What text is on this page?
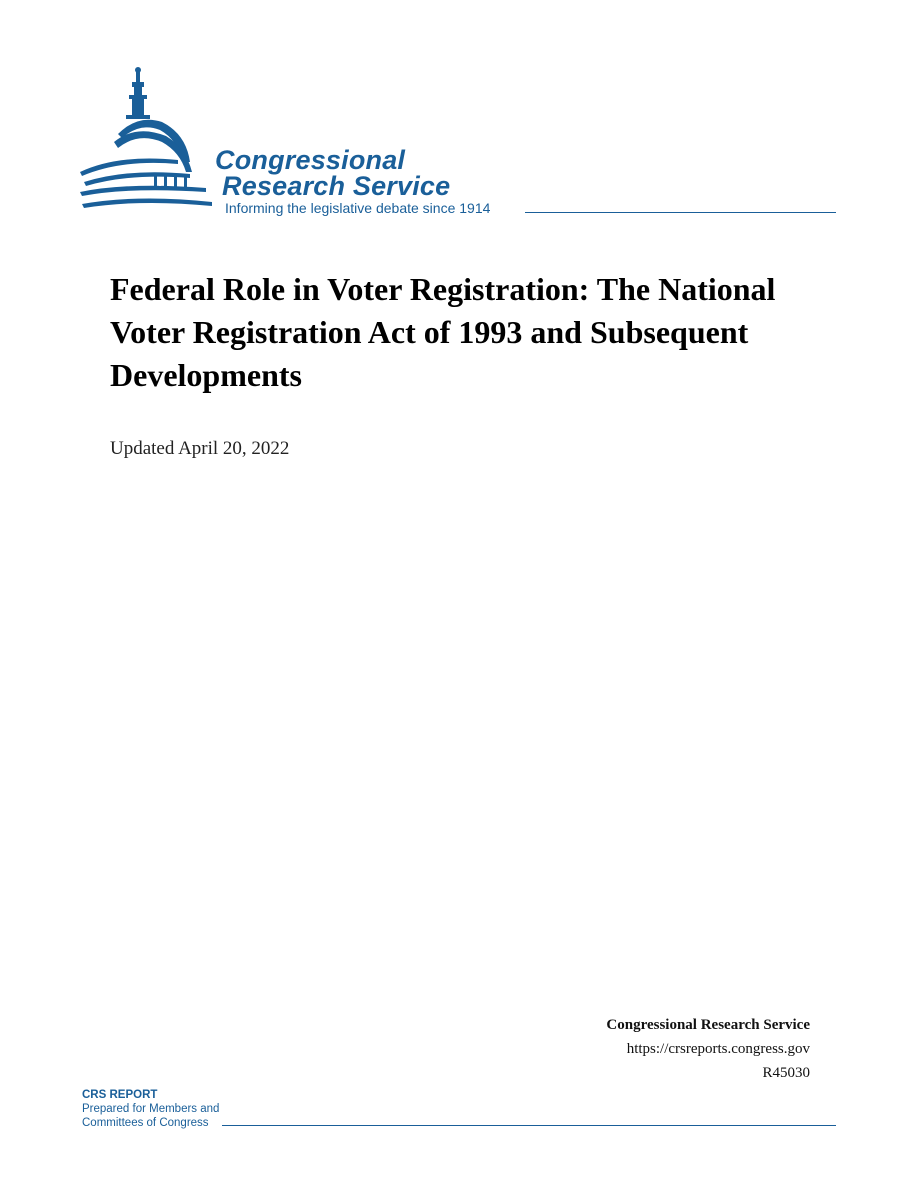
Congressional
Research Service
Informing the legislative debate since 1914
Federal Role in Voter Registration: The National Voter Registration Act of 1993 and Subsequent Developments
Updated April 20, 2022
Congressional Research Service
https://crsreports.congress.gov
R45030
CRS REPORT
Prepared for Members and
Committees of Congress
